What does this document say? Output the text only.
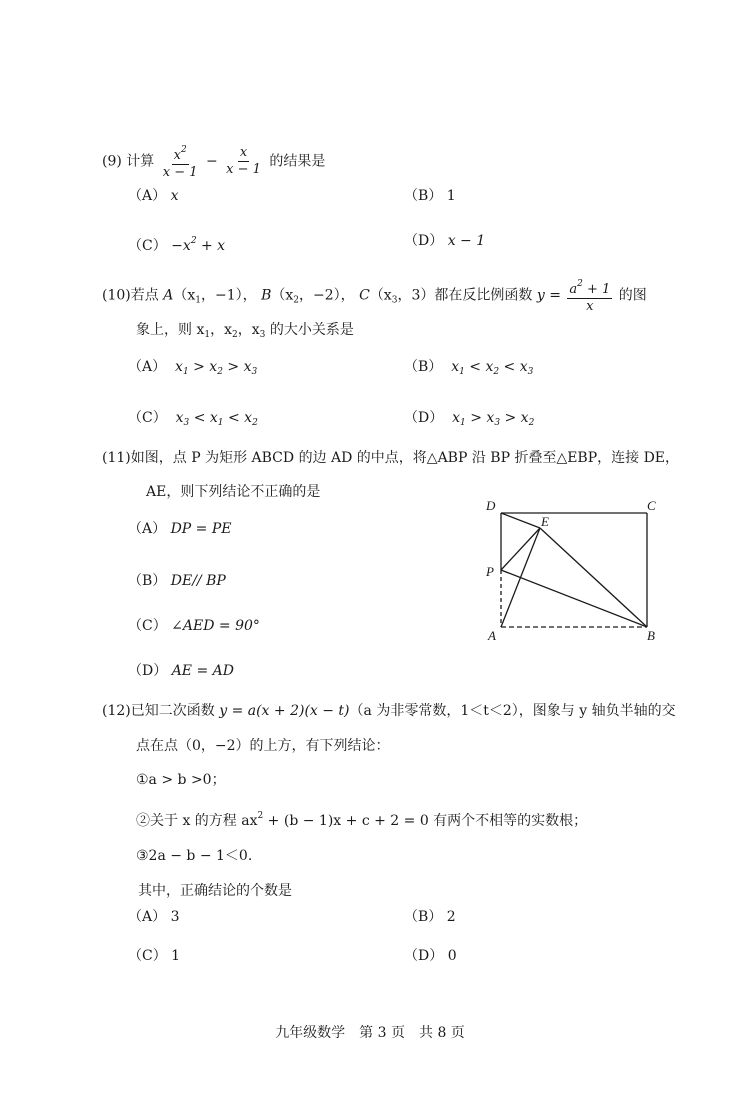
(9) 计算 $\frac{x^2}{x - 1} - \frac{x}{x - 1}$ 的结果是
（A） x	（B） 1
$(C) -x^2 + x$	（D） x − 1
(10)若点 $A(x_1$，−1）， $B(x_2$，−2）， $C(x_3$，3）都在反比例函数 $y = \frac{a^2 + 1}{x}$ 的图
象上，则 $x_1$，$x_2$，$x_3$ 的大小关系是
（A） $x_1 > x_2 > x_3$	（B） $x_1 < x_2 < x_3$
（C） $x_3 < x_1 < x_2$	（D） $x_1 > x_3 > x_2$
(11)如图，点 P 为矩形 ABCD 的边 AD 的中点，将△ABP 沿 BP 折叠至△EBP，连接 DE，
AE，则下列结论不正确的是
（A） DP = PE
（B） DE// BP
（C） ∠AED = 90°
（D） AE = AD
D	C
E
P
A	B
(12)已知二次函数 y = a(x + 2)(x − t)（a 为非零常数，1＜t＜2），图象与 y 轴负半轴的交
点在点（0，−2）的上方，有下列结论：
①a > b >0；
②关于 x 的方程 $ax^2 + (b - 1)x + c + 2 = 0$ 有两个不相等的实数根；
③2a − b − 1＜0.
其中，正确结论的个数是
（A） 3	（B） 2
（C） 1	（D） 0
九年级数学　第 3 页　共 8 页
